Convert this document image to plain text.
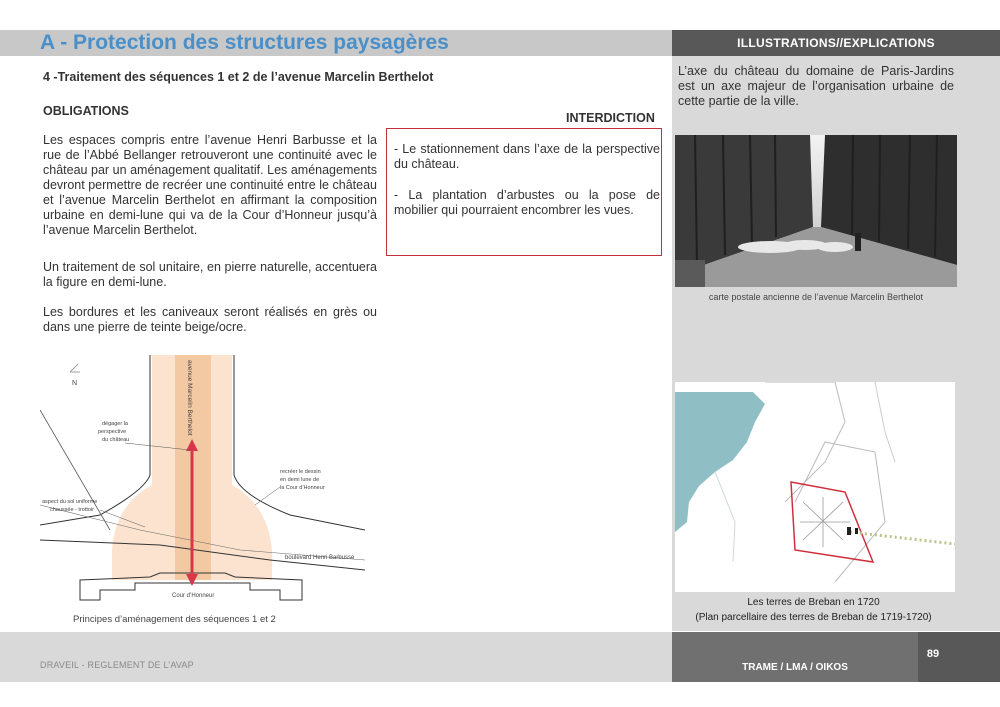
A - Protection des structures paysagères	ILLUSTRATIONS//EXPLICATIONS
4 -Traitement des séquences 1 et 2 de l’avenue Marcelin Berthelot
OBLIGATIONS
Les espaces compris entre l’avenue Henri Barbusse et la rue de l’Abbé Bellanger retrouveront une continuité avec le château par un aménagement qualitatif. Les aménagements devront permettre de recréer une continuité entre le château et l’avenue Marcelin Berthelot en affirmant la composition urbaine en demi-lune qui va de la Cour d’Honneur jusqu’à l’avenue Marcelin Berthelot.
Un traitement de sol unitaire, en pierre naturelle, accentuera la figure en demi-lune.
Les bordures et les caniveaux seront réalisés en grès ou dans une pierre de teinte beige/ocre.
INTERDICTION
- Le stationnement dans l’axe de la perspective du château.
- La plantation d’arbustes ou la pose de mobilier qui pourraient encombrer les vues.
L’axe du château du domaine de Paris-Jardins est un axe majeur de l’organisation urbaine de cette partie de la ville.
carte postale ancienne de l’avenue Marcelin Berthelot
Les terres de Breban en 1720
(Plan parcellaire des terres de Breban de 1719-1720)
N	avenue Marcelin Berthelot
dégager la
perspective
du château
recréer le dessin
en demi lune de
la Cour d’Honneur
aspect du sol uniforme
chaussée - trottoir
boulevard Henri Barbusse
Cour d’Honneur
Principes d’aménagement des séquences 1 et 2
DRAVEIL - REGLEMENT DE L’AVAP
89
TRAME / LMA / OIKOS
